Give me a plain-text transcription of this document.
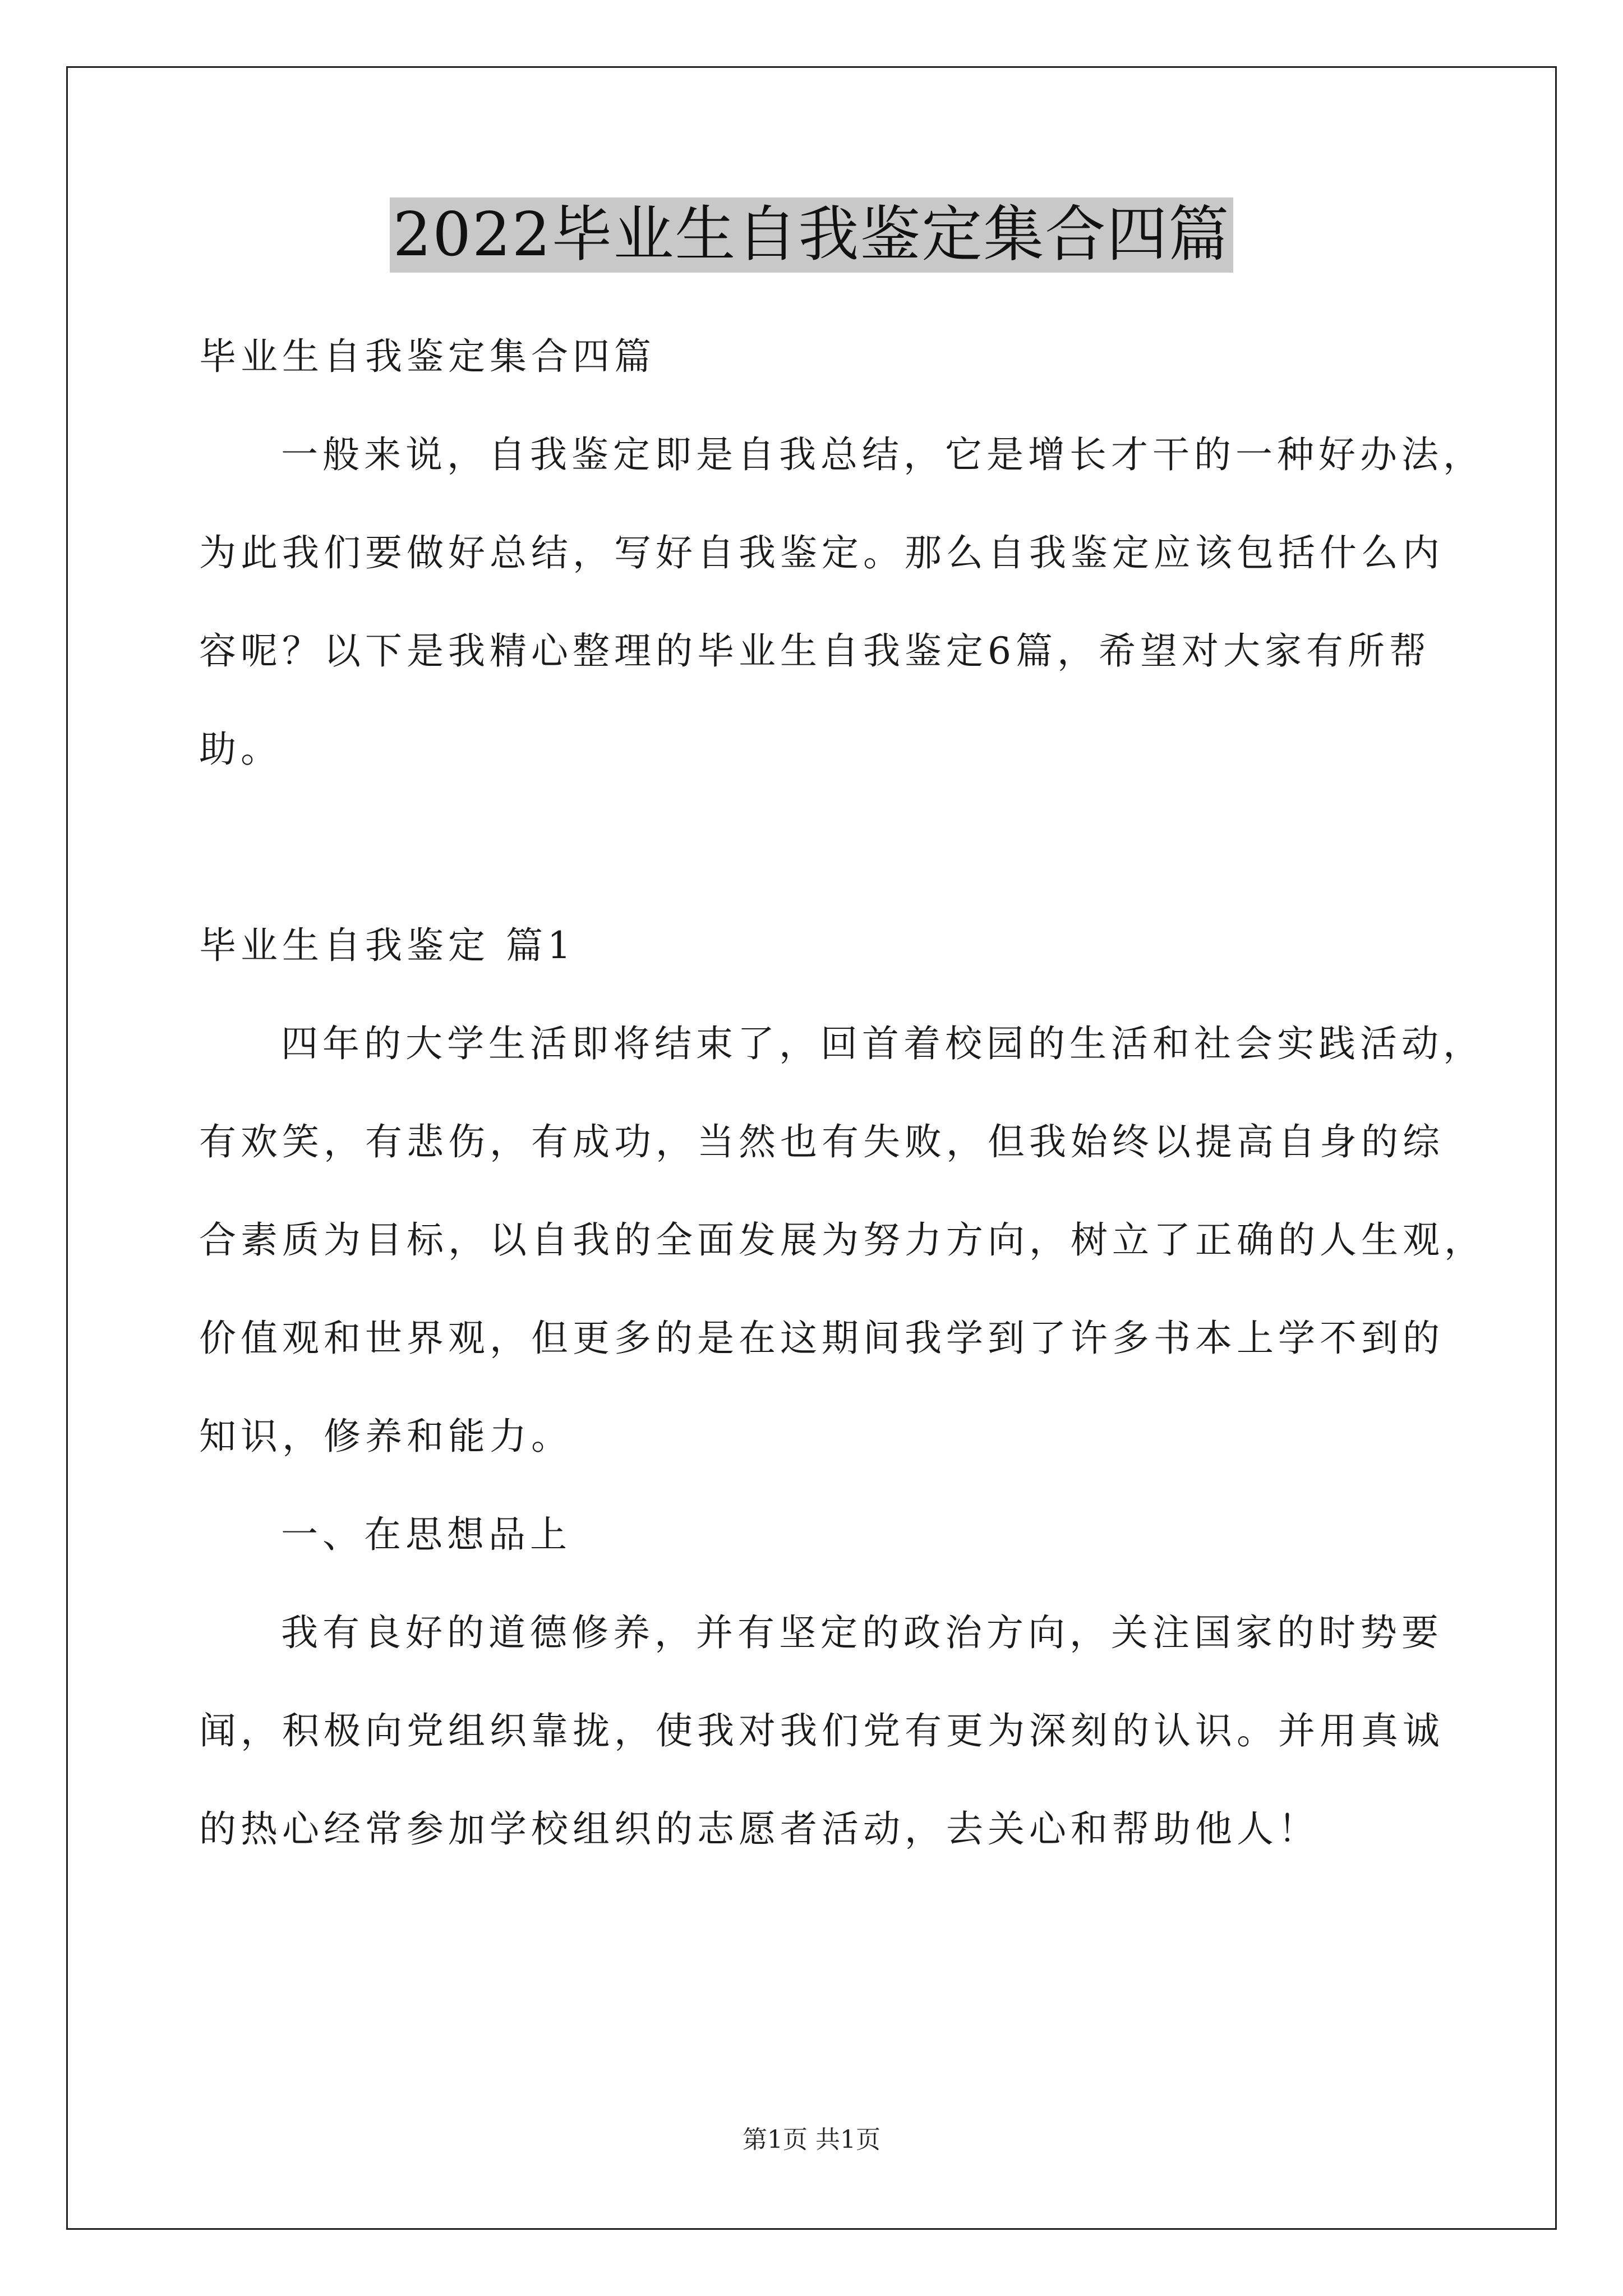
2022毕业生自我鉴定集合四篇
毕业生自我鉴定集合四篇
一般来说，自我鉴定即是自我总结，它是增长才干的一种好办法，
为此我们要做好总结，写好自我鉴定。那么自我鉴定应该包括什么内
容呢？以下是我精心整理的毕业生自我鉴定6篇，希望对大家有所帮
助。
毕业生自我鉴定 篇1
四年的大学生活即将结束了，回首着校园的生活和社会实践活动，
有欢笑，有悲伤，有成功，当然也有失败，但我始终以提高自身的综
合素质为目标，以自我的全面发展为努力方向，树立了正确的人生观，
价值观和世界观，但更多的是在这期间我学到了许多书本上学不到的
知识，修养和能力。
一、在思想品上
我有良好的道德修养，并有坚定的政治方向，关注国家的时势要
闻，积极向党组织靠拢，使我对我们党有更为深刻的认识。并用真诚
的热心经常参加学校组织的志愿者活动，去关心和帮助他人！
第1页 共1页
